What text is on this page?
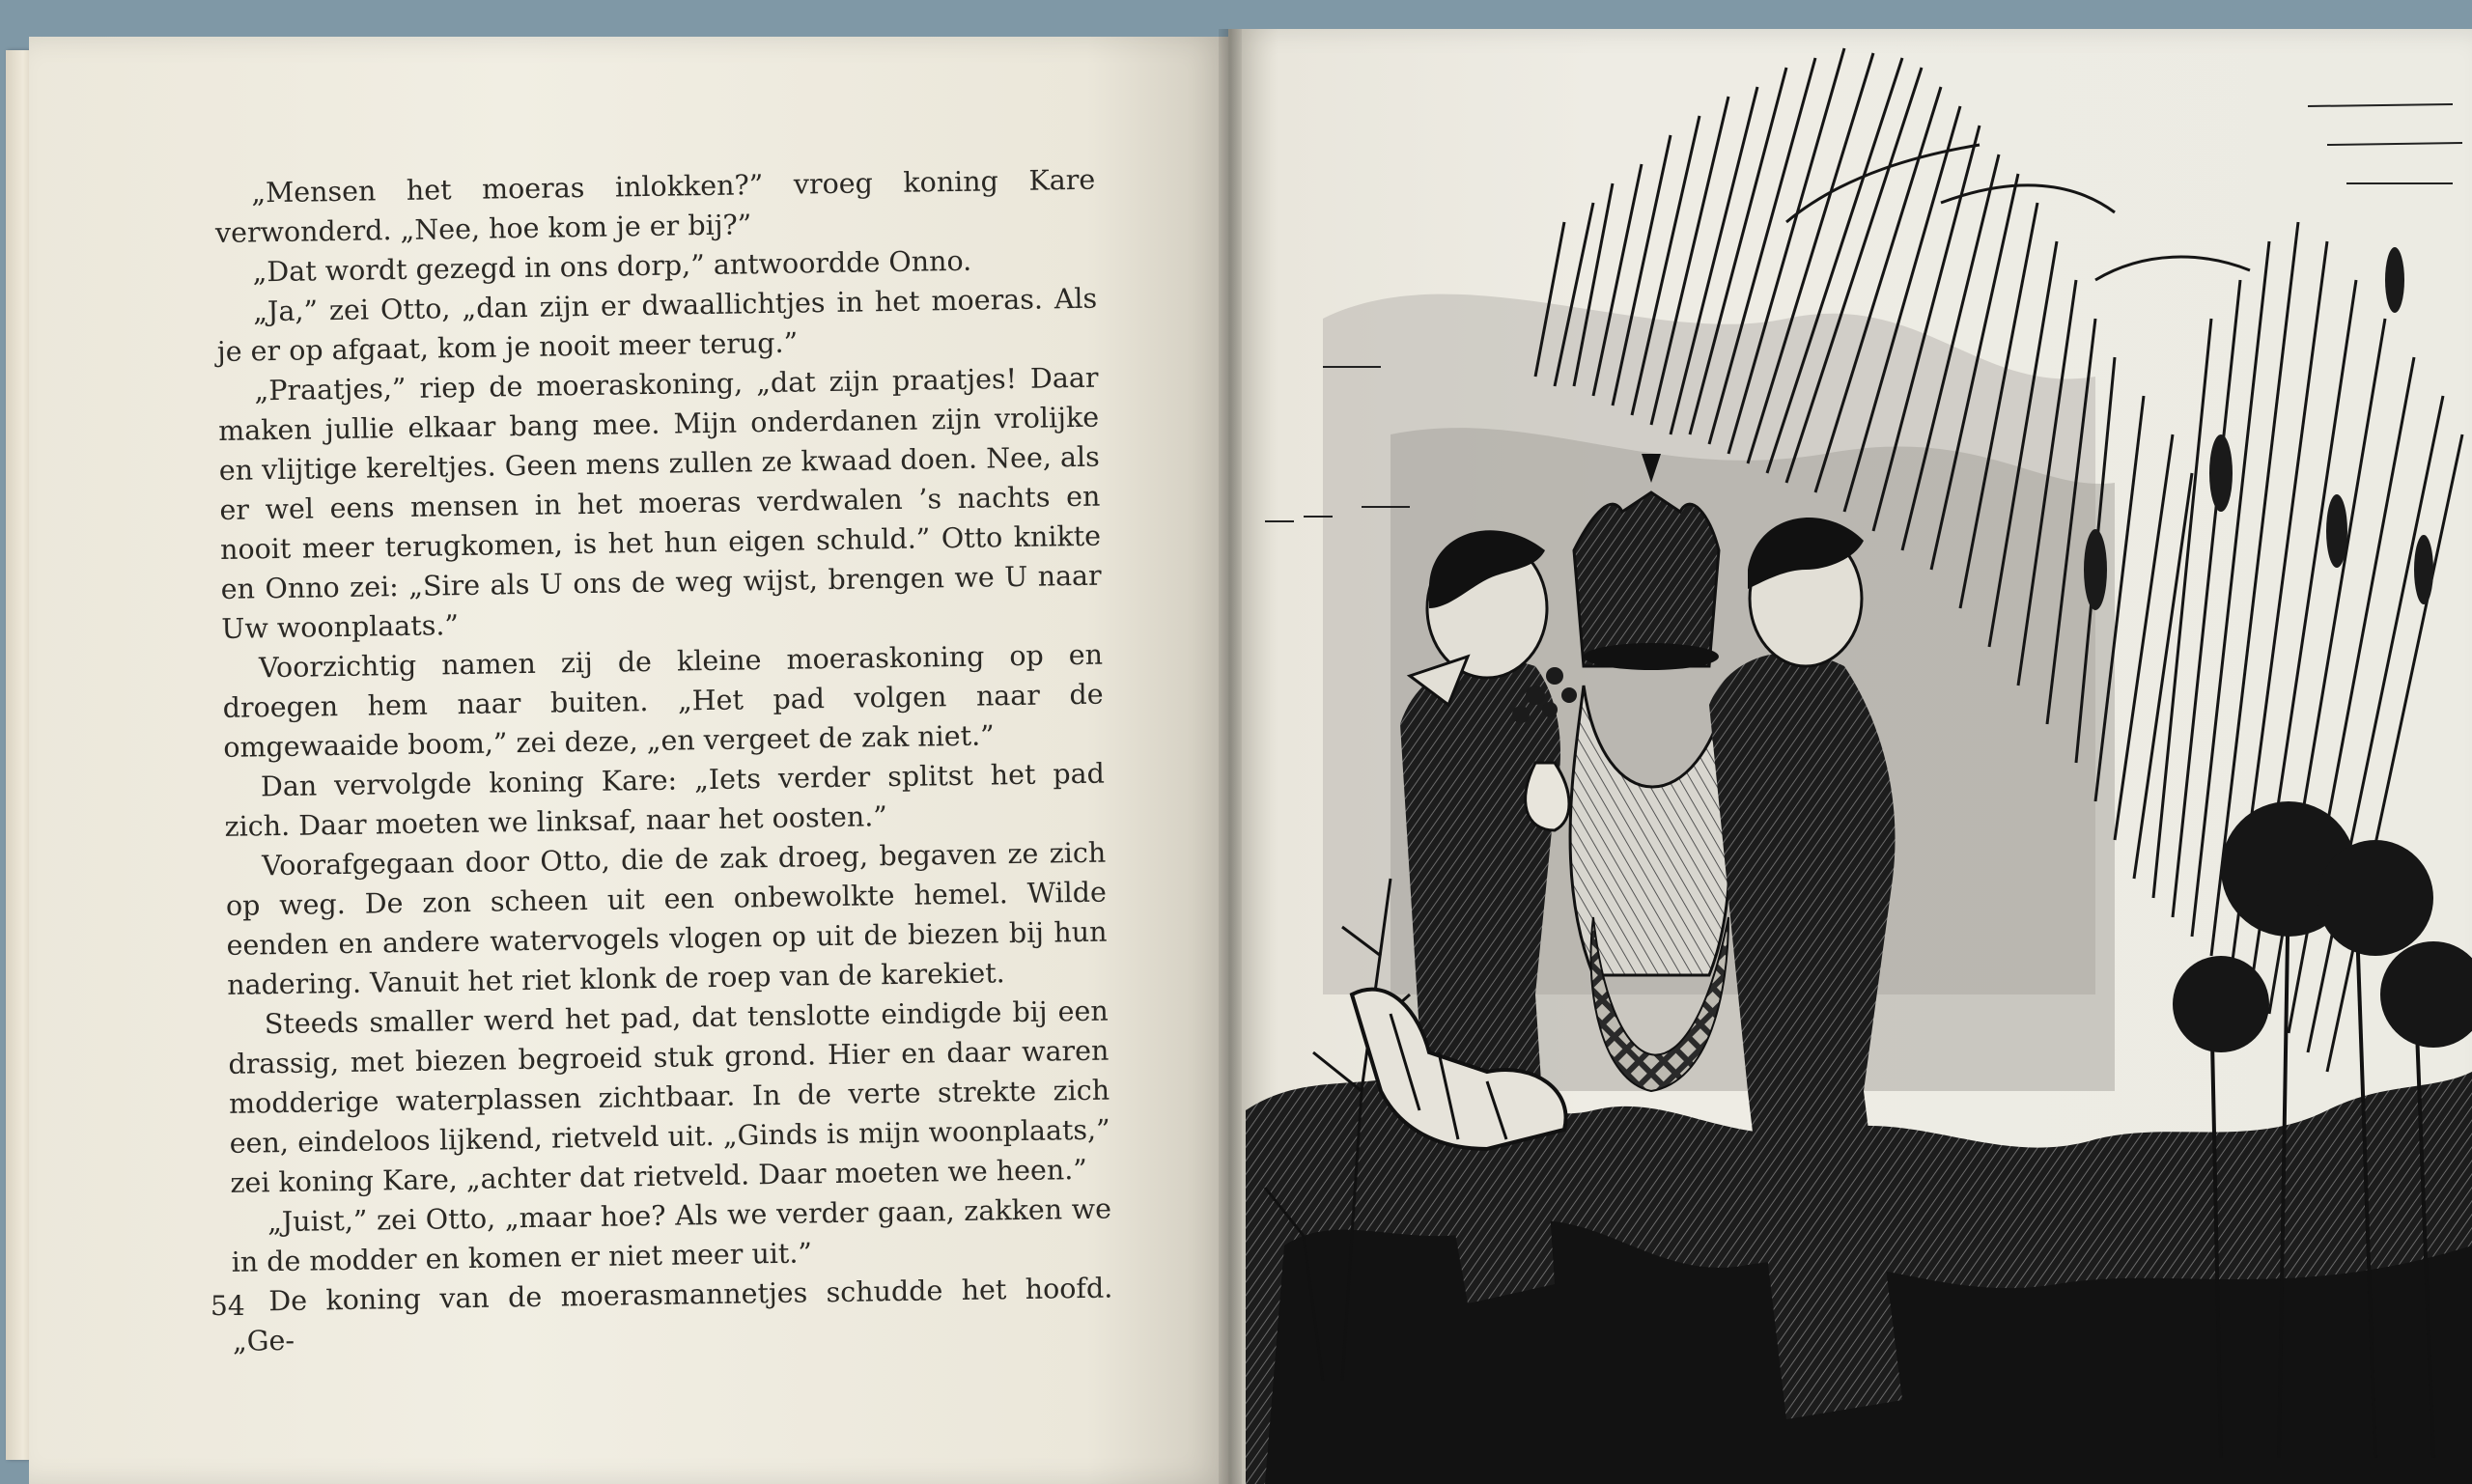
„Mensen het moeras inlokken?” vroeg koning Kare verwonderd. „Nee, hoe kom je er bij?”

„Dat wordt gezegd in ons dorp,” antwoordde Onno.

„Ja,” zei Otto, „dan zijn er dwaallichtjes in het moeras. Als je er op afgaat, kom je nooit meer terug.”

„Praatjes,” riep de moeraskoning, „dat zijn praatjes! Daar maken jullie elkaar bang mee. Mijn onderdanen zijn vrolijke en vlijtige kereltjes. Geen mens zullen ze kwaad doen. Nee, als er wel eens mensen in het moeras verdwalen ’s nachts en nooit meer terugkomen, is het hun eigen schuld.” Otto knikte en Onno zei: „Sire als U ons de weg wijst, brengen we U naar Uw woonplaats.”

Voorzichtig namen zij de kleine moeraskoning op en droegen hem naar buiten. „Het pad volgen naar de omgewaaide boom,” zei deze, „en vergeet de zak niet.”

Dan vervolgde koning Kare: „Iets verder splitst het pad zich. Daar moeten we linksaf, naar het oosten.”

Voorafgegaan door Otto, die de zak droeg, begaven ze zich op weg. De zon scheen uit een onbewolkte hemel. Wilde eenden en andere watervogels vlogen op uit de biezen bij hun nadering. Vanuit het riet klonk de roep van de karekiet.

Steeds smaller werd het pad, dat tenslotte eindigde bij een drassig, met biezen begroeid stuk grond. Hier en daar waren modderige waterplassen zichtbaar. In de verte strekte zich een, eindeloos lijkend, rietveld uit. „Ginds is mijn woonplaats,” zei koning Kare, „achter dat rietveld. Daar moeten we heen.”

„Juist,” zei Otto, „maar hoe? Als we verder gaan, zakken we in de modder en komen er niet meer uit.”

De koning van de moerasmannetjes schudde het hoofd. „Ge-

54
